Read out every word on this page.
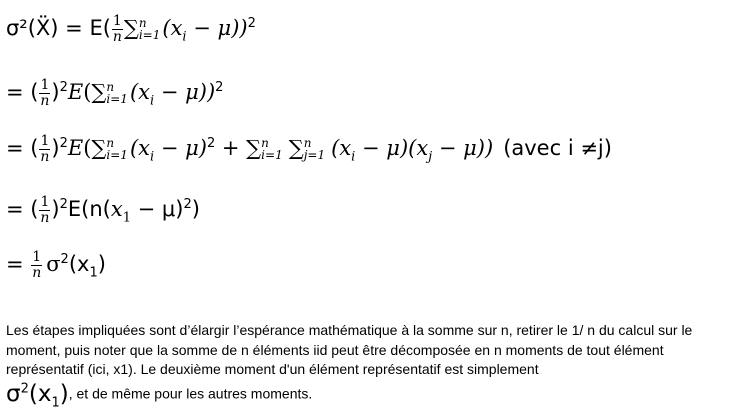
σ²(Ẍ) = $E( \frac{1}{n}$ ∑ n
i=1 $(x_i - \mu))^2$
= ( $\frac{1}{n} )^2E(\sum$ n
i=1 $(x_i - \mu))^2$
= ( $\frac{1}{n} )^2E(\sum$ n
i=1 $(x_i - \mu)^2$ + ∑ n
i=1 ∑ n
j=1 $(x_i - \mu)(x_j - \mu)$) (avec i ≠j)
= ( $\frac{1}{n} )^2E(n(x_1 - \mu)^2)$
= $\frac{1}{n} \sigma^2(x_1)$
Les étapes impliquées sont d’élargir l’espérance mathématique à la somme sur n, retirer le 1/ n du calcul sur le moment, puis noter que la somme de n éléments iid peut être décomposée en n moments de tout élément représentatif (ici, x1). Le deuxième moment d'un élément représentatif est simplement
$\sigma^2(x_1)$, et de même pour les autres moments.
